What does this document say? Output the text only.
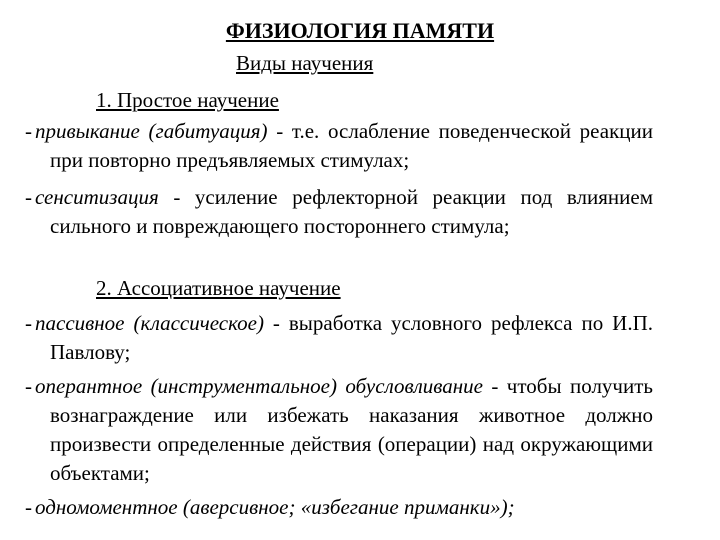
ФИЗИОЛОГИЯ ПАМЯТИ
Виды научения
1. Простое научение
- привыкание (габитуация) - т.е. ослабление поведенческой реакции при повторно предъявляемых стимулах;
- сенситизация - усиление рефлекторной реакции под влиянием сильного и повреждающего постороннего стимула;
2. Ассоциативное научение
- пассивное (классическое) - выработка условного рефлекса по И.П. Павлову;
- оперантное (инструментальное) обусловливание - чтобы получить вознаграждение или избежать наказания животное должно произвести определенные действия (операции) над окружающими объектами;
- одномоментное (аверсивное; «избегание приманки»);
